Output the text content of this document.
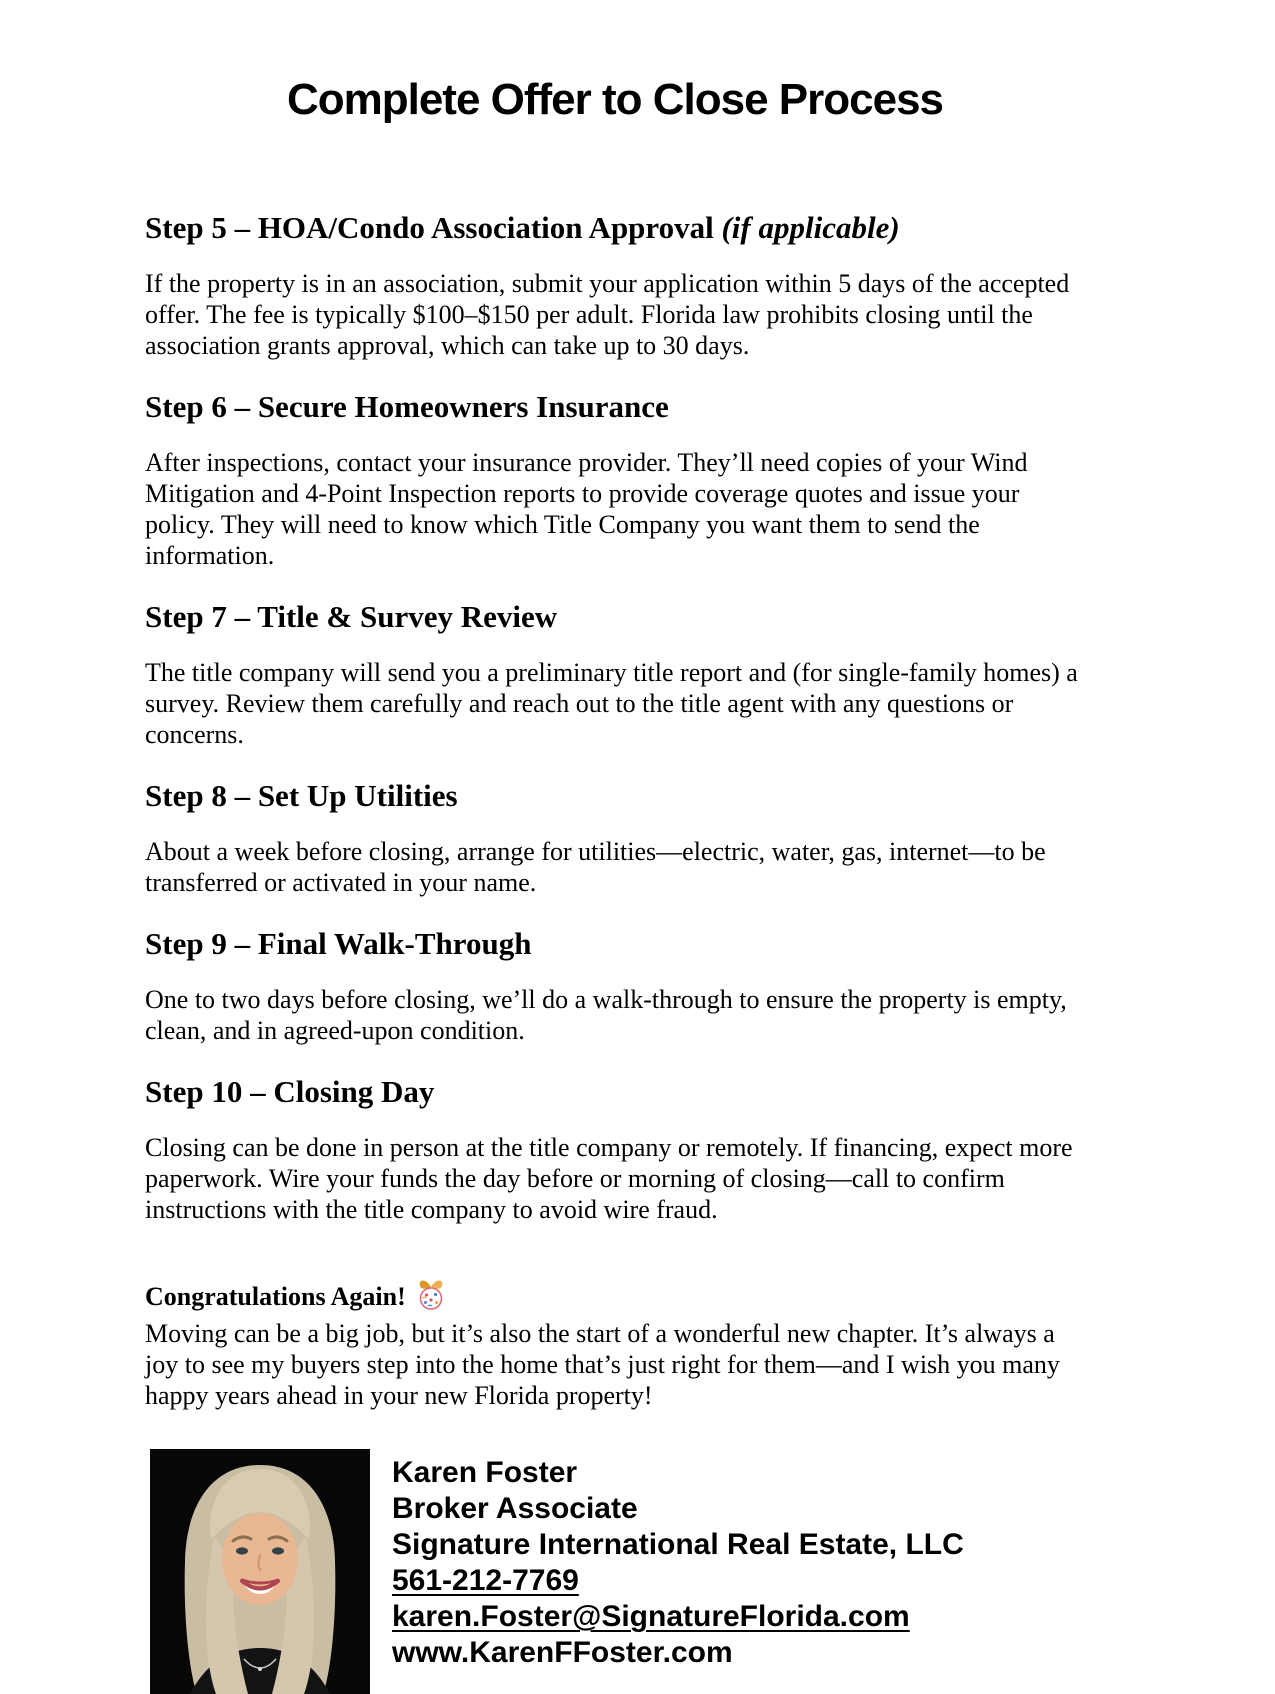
Complete Offer to Close Process
Step 5 – HOA/Condo Association Approval (if applicable)

If the property is in an association, submit your application within 5 days of the accepted offer. The fee is typically $100–$150 per adult. Florida law prohibits closing until the association grants approval, which can take up to 30 days.

Step 6 – Secure Homeowners Insurance

After inspections, contact your insurance provider. They’ll need copies of your Wind Mitigation and 4-Point Inspection reports to provide coverage quotes and issue your policy. They will need to know which Title Company you want them to send the information.

Step 7 – Title & Survey Review

The title company will send you a preliminary title report and (for single-family homes) a survey. Review them carefully and reach out to the title agent with any questions or concerns.

Step 8 – Set Up Utilities

About a week before closing, arrange for utilities—electric, water, gas, internet—to be transferred or activated in your name.

Step 9 – Final Walk-Through

One to two days before closing, we’ll do a walk-through to ensure the property is empty, clean, and in agreed-upon condition.

Step 10 – Closing Day

Closing can be done in person at the title company or remotely. If financing, expect more paperwork. Wire your funds the day before or morning of closing—call to confirm instructions with the title company to avoid wire fraud.

Congratulations Again!

Moving can be a big job, but it’s also the start of a wonderful new chapter. It’s always a joy to see my buyers step into the home that’s just right for them—and I wish you many happy years ahead in your new Florida property!

Karen Foster
Broker Associate
Signature International Real Estate, LLC
561-212-7769
karen.Foster@SignatureFlorida.com
www.KarenFFoster.com
